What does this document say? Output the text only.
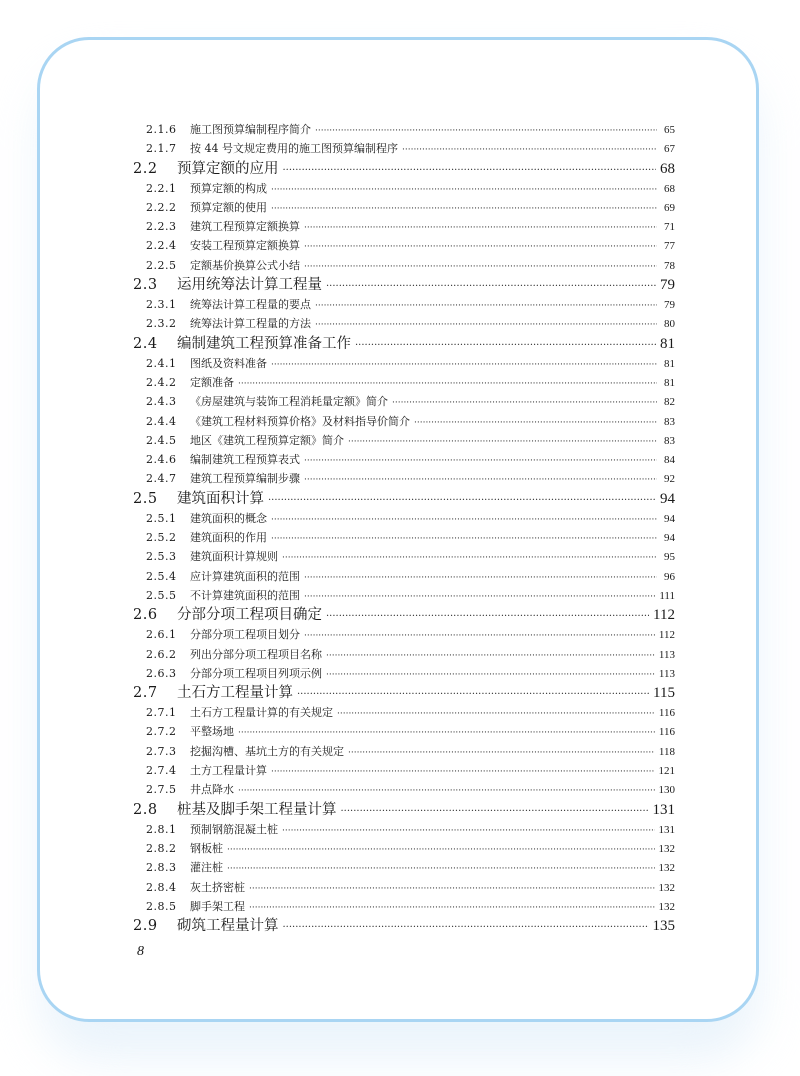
2.1.6	施工图预算编制程序简介 ·····	65
2.1.7	按 44 号文规定费用的施工图预算编制程序 ·····	67
2.2	预算定额的应用 ·····	68
2.2.1	预算定额的构成 ·····	68
2.2.2	预算定额的使用 ·····	69
2.2.3	建筑工程预算定额换算 ·····	71
2.2.4	安装工程预算定额换算 ·····	77
2.2.5	定额基价换算公式小结 ·····	78
2.3	运用统筹法计算工程量 ·····	79
2.3.1	统筹法计算工程量的要点 ·····	79
2.3.2	统筹法计算工程量的方法 ·····	80
2.4	编制建筑工程预算准备工作 ·····	81
2.4.1	图纸及资料准备 ·····	81
2.4.2	定额准备 ·····	81
2.4.3	《房屋建筑与装饰工程消耗量定额》简介 ·····	82
2.4.4	《建筑工程材料预算价格》及材料指导价简介 ·····	83
2.4.5	地区《建筑工程预算定额》简介 ·····	83
2.4.6	编制建筑工程预算表式 ·····	84
2.4.7	建筑工程预算编制步骤 ·····	92
2.5	建筑面积计算 ·····	94
2.5.1	建筑面积的概念 ·····	94
2.5.2	建筑面积的作用 ·····	94
2.5.3	建筑面积计算规则 ·····	95
2.5.4	应计算建筑面积的范围 ·····	96
2.5.5	不计算建筑面积的范围 ·····	111
2.6	分部分项工程项目确定 ·····	112
2.6.1	分部分项工程项目划分 ·····	112
2.6.2	列出分部分项工程项目名称 ·····	113
2.6.3	分部分项工程项目列项示例 ·····	113
2.7	土石方工程量计算 ·····	115
2.7.1	土石方工程量计算的有关规定 ·····	116
2.7.2	平整场地 ·····	116
2.7.3	挖掘沟槽、基坑土方的有关规定 ·····	118
2.7.4	土方工程量计算 ·····	121
2.7.5	井点降水 ·····	130
2.8	桩基及脚手架工程量计算 ·····	131
2.8.1	预制钢筋混凝土桩 ·····	131
2.8.2	钢板桩 ·····	132
2.8.3	灌注桩 ·····	132
2.8.4	灰土挤密桩 ·····	132
2.8.5	脚手架工程 ·····	132
2.9	砌筑工程量计算 ·····	135
8
